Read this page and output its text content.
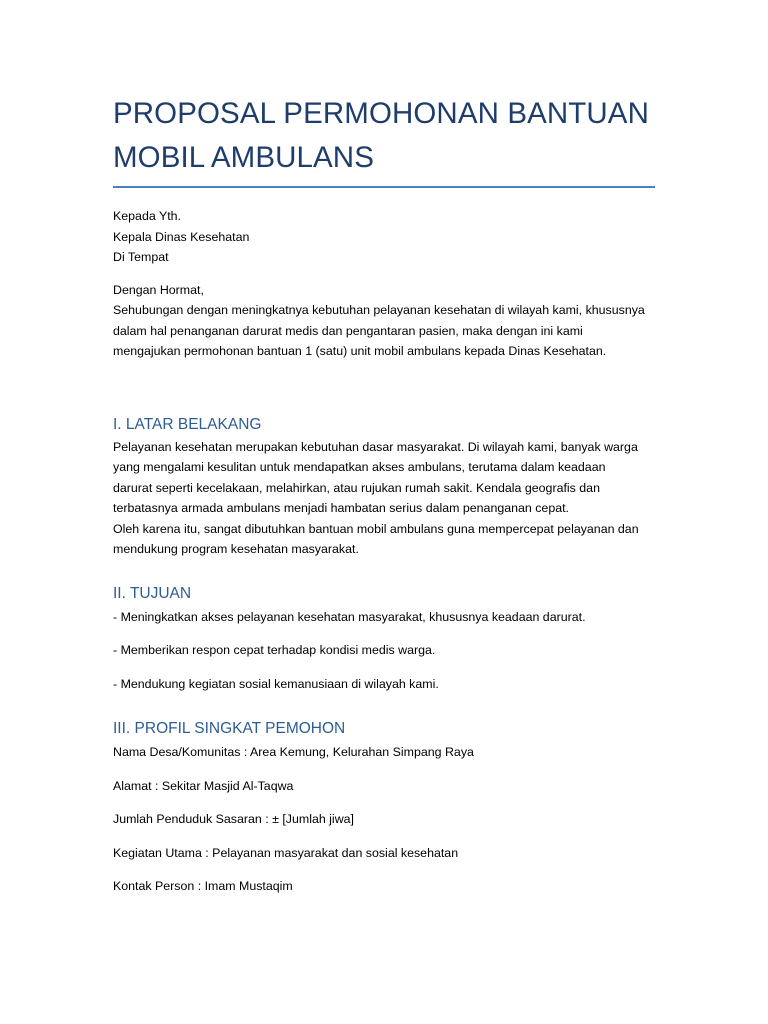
PROPOSAL PERMOHONAN BANTUAN
MOBIL AMBULANS

Kepada Yth.

Kepala Dinas Kesehatan

Di Tempat

Dengan Hormat,

Sehubungan dengan meningkatnya kebutuhan pelayanan kesehatan di wilayah kami, khususnya

dalam hal penanganan darurat medis dan pengantaran pasien, maka dengan ini kami

mengajukan permohonan bantuan 1 (satu) unit mobil ambulans kepada Dinas Kesehatan.

I. LATAR BELAKANG

Pelayanan kesehatan merupakan kebutuhan dasar masyarakat. Di wilayah kami, banyak warga

yang mengalami kesulitan untuk mendapatkan akses ambulans, terutama dalam keadaan

darurat seperti kecelakaan, melahirkan, atau rujukan rumah sakit. Kendala geografis dan

terbatasnya armada ambulans menjadi hambatan serius dalam penanganan cepat.

Oleh karena itu, sangat dibutuhkan bantuan mobil ambulans guna mempercepat pelayanan dan

mendukung program kesehatan masyarakat.

II. TUJUAN

- Meningkatkan akses pelayanan kesehatan masyarakat, khususnya keadaan darurat.

- Memberikan respon cepat terhadap kondisi medis warga.

- Mendukung kegiatan sosial kemanusiaan di wilayah kami.

III. PROFIL SINGKAT PEMOHON

Nama Desa/Komunitas : Area Kemung, Kelurahan Simpang Raya

Alamat : Sekitar Masjid Al-Taqwa

Jumlah Penduduk Sasaran : ± [Jumlah jiwa]

Kegiatan Utama : Pelayanan masyarakat dan sosial kesehatan

Kontak Person : Imam Mustaqim
